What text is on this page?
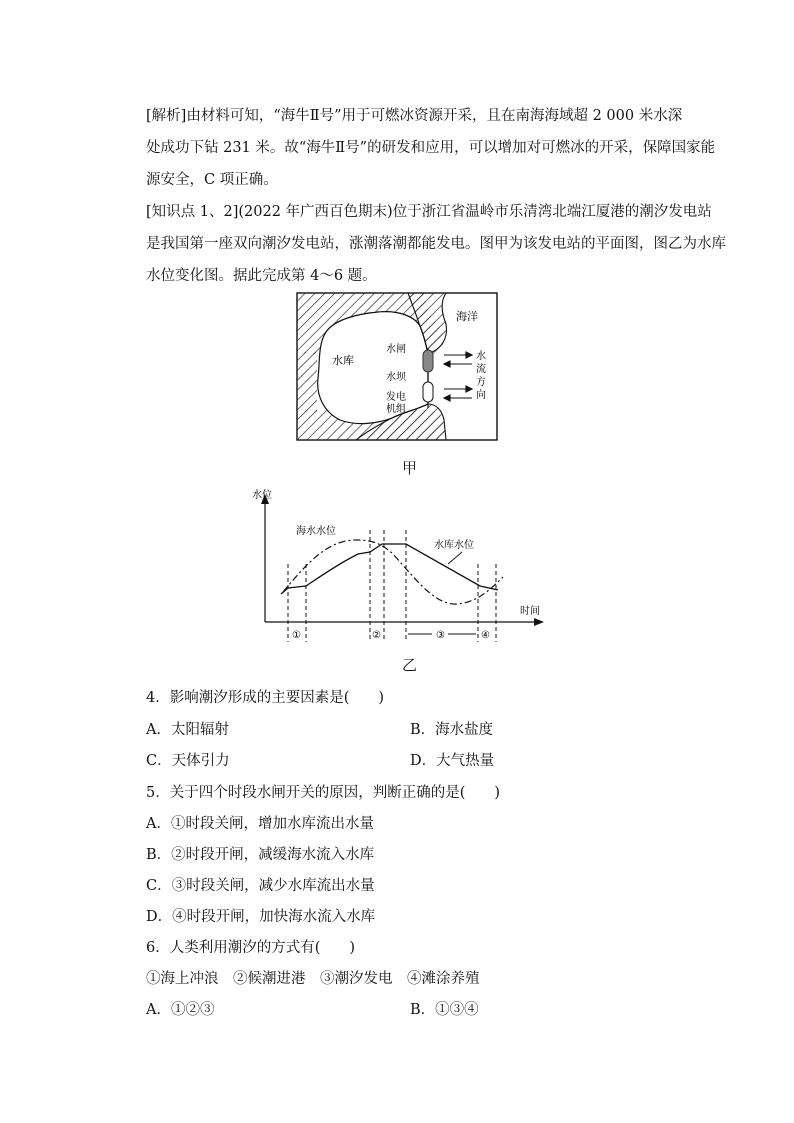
[解析]由材料可知，“海牛Ⅱ号”用于可燃冰资源开采，且在南海海域超 2 000 米水深
处成功下钻 231 米。故“海牛Ⅱ号”的研发和应用，可以增加对可燃冰的开采，保障国家能
源安全，C 项正确。
[知识点 1、2](2022 年广西百色期末)位于浙江省温岭市乐清湾北端江厦港的潮汐发电站
是我国第一座双向潮汐发电站，涨潮落潮都能发电。图甲为该发电站的平面图，图乙为水库
水位变化图。据此完成第 4～6 题。
海洋
水库
水闸
水坝
发电
机组
水
流
方
向
甲
水位
时间
海水水位
水库水位
①	②	③	④
乙
4．影响潮汐形成的主要因素是(　　)
A．太阳辐射	B．海水盐度
C．天体引力	D．大气热量
5．关于四个时段水闸开关的原因，判断正确的是(　　)
A．①时段关闸，增加水库流出水量
B．②时段开闸，减缓海水流入水库
C．③时段关闸，减少水库流出水量
D．④时段开闸，加快海水流入水库
6．人类利用潮汐的方式有(　　)
①海上冲浪　②候潮进港　③潮汐发电　④滩涂养殖
A．①②③	B．①③④
